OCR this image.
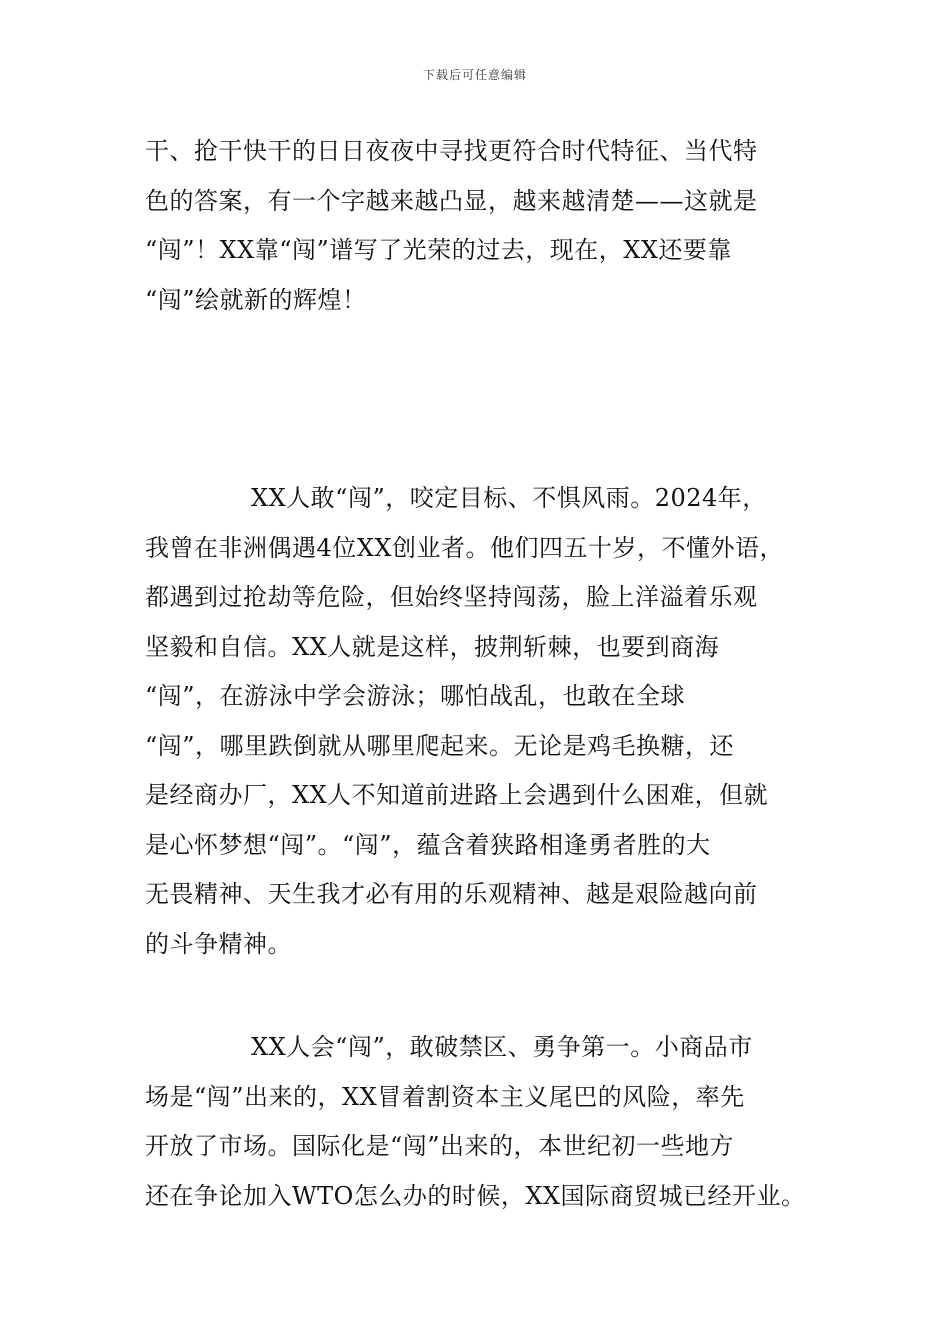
下载后可任意编辑
干、抢干快干的日日夜夜中寻找更符合时代特征、当代特
色的答案，有一个字越来越凸显，越来越清楚——这就是
“闯”！XX靠“闯”谱写了光荣的过去，现在，XX还要靠
“闯”绘就新的辉煌！
XX人敢“闯”，咬定目标、不惧风雨。2024年，
我曾在非洲偶遇4位XX创业者。他们四五十岁，不懂外语，
都遇到过抢劫等危险，但始终坚持闯荡，脸上洋溢着乐观
坚毅和自信。XX人就是这样，披荆斩棘，也要到商海
“闯”，在游泳中学会游泳；哪怕战乱，也敢在全球
“闯”，哪里跌倒就从哪里爬起来。无论是鸡毛换糖，还
是经商办厂，XX人不知道前进路上会遇到什么困难，但就
是心怀梦想“闯”。“闯”，蕴含着狭路相逢勇者胜的大
无畏精神、天生我才必有用的乐观精神、越是艰险越向前
的斗争精神。
XX人会“闯”，敢破禁区、勇争第一。小商品市
场是“闯”出来的，XX冒着割资本主义尾巴的风险，率先
开放了市场。国际化是“闯”出来的，本世纪初一些地方
还在争论加入WTO怎么办的时候，XX国际商贸城已经开业。
